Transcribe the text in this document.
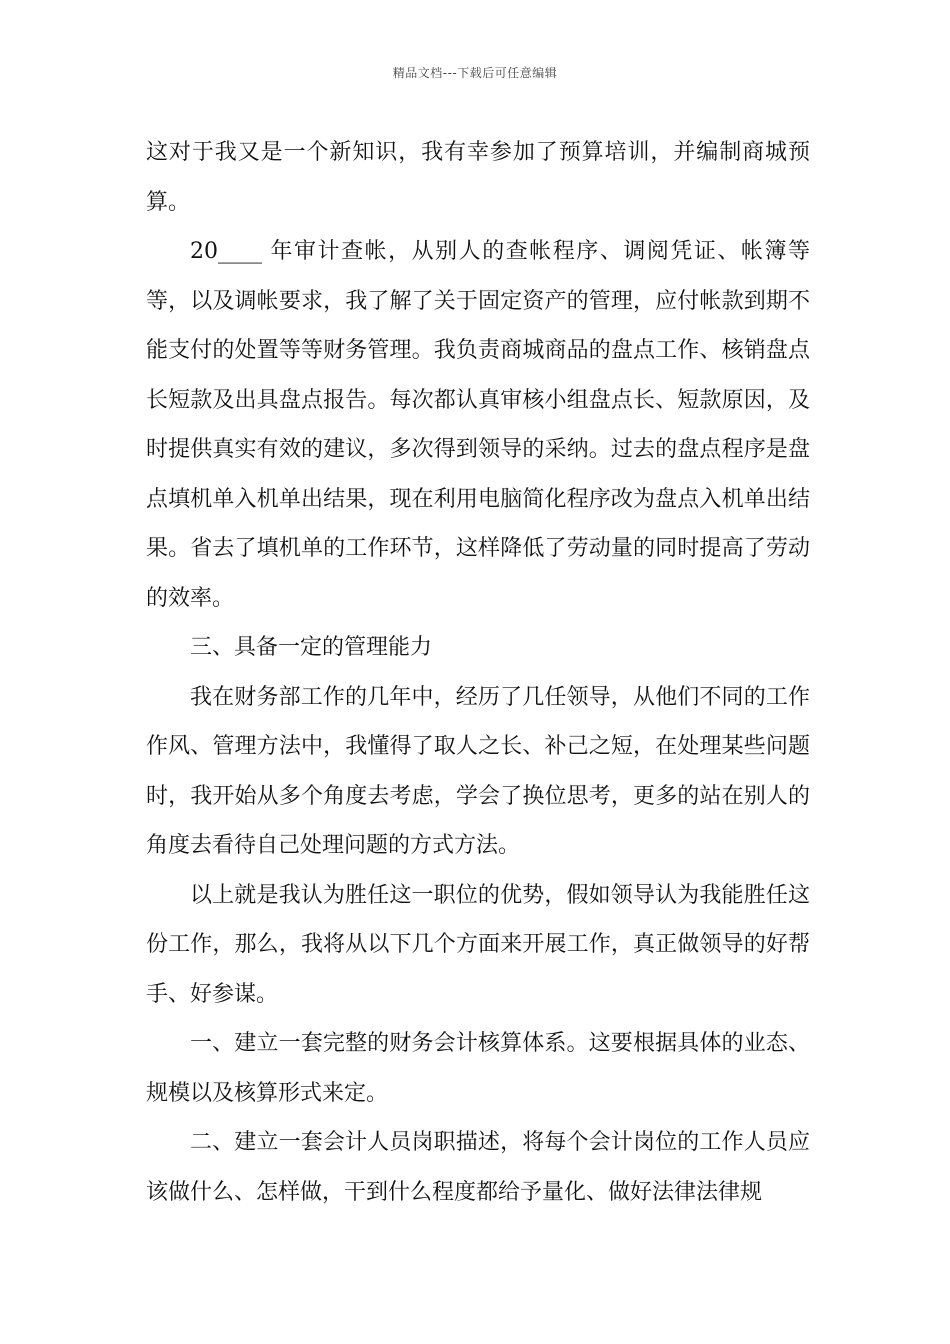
精品文档---下载后可任意编辑

这对于我又是一个新知识，我有幸参加了预算培训，并编制商城预算。

20____ 年审计查帐，从别人的查帐程序、调阅凭证、帐簿等等，以及调帐要求，我了解了关于固定资产的管理，应付帐款到期不能支付的处置等等财务管理。我负责商城商品的盘点工作、核销盘点长短款及出具盘点报告。每次都认真审核小组盘点长、短款原因，及时提供真实有效的建议，多次得到领导的采纳。过去的盘点程序是盘点填机单入机单出结果，现在利用电脑简化程序改为盘点入机单出结果。省去了填机单的工作环节，这样降低了劳动量的同时提高了劳动的效率。

三、具备一定的管理能力

我在财务部工作的几年中，经历了几任领导，从他们不同的工作作风、管理方法中，我懂得了取人之长、补己之短，在处理某些问题时，我开始从多个角度去考虑，学会了换位思考，更多的站在别人的角度去看待自己处理问题的方式方法。

以上就是我认为胜任这一职位的优势，假如领导认为我能胜任这份工作，那么，我将从以下几个方面来开展工作，真正做领导的好帮手、好参谋。

一、建立一套完整的财务会计核算体系。这要根据具体的业态、规模以及核算形式来定。

二、建立一套会计人员岗职描述，将每个会计岗位的工作人员应该做什么、怎样做，干到什么程度都给予量化、做好法律法律规
